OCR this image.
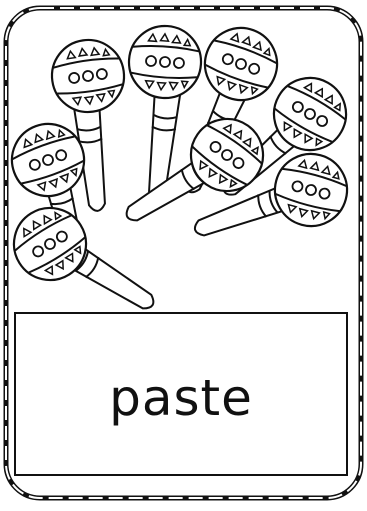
paste
